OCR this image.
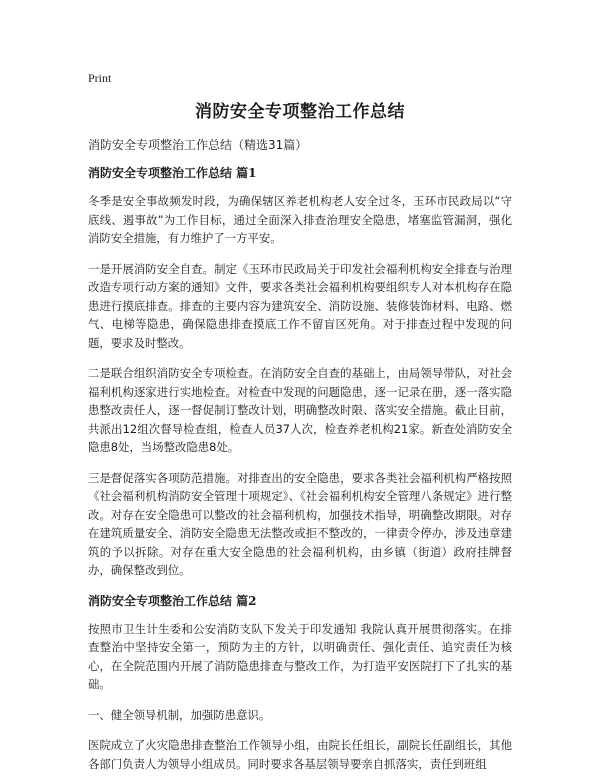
Print
消防安全专项整治工作总结
消防安全专项整治工作总结（精选31篇）
消防安全专项整治工作总结 篇1

冬季是安全事故频发时段，为确保辖区养老机构老人安全过冬，玉环市民政局以“守底线、遏事故”为工作目标，通过全面深入排查治理安全隐患，堵塞监管漏洞，强化消防安全措施，有力维护了一方平安。

一是开展消防安全自查。制定《玉环市民政局关于印发社会福利机构安全排查与治理改造专项行动方案的通知》文件，要求各类社会福利机构要组织专人对本机构存在隐患进行摸底排查。排查的主要内容为建筑安全、消防设施、装修装饰材料、电路、燃气、电梯等隐患，确保隐患排查摸底工作不留盲区死角。对于排查过程中发现的问题，要求及时整改。

二是联合组织消防安全专项检查。在消防安全自查的基础上，由局领导带队，对社会福利机构逐家进行实地检查。对检查中发现的问题隐患，逐一记录在册，逐一落实隐患整改责任人，逐一督促制订整改计划，明确整改时限、落实安全措施。截止目前，共派出12组次督导检查组，检查人员37人次，检查养老机构21家。新查处消防安全隐患8处，当场整改隐患8处。

三是督促落实各项防范措施。对排查出的安全隐患，要求各类社会福利机构严格按照《社会福利机构消防安全管理十项规定》、《社会福利机构安全管理八条规定》进行整改。对存在安全隐患可以整改的社会福利机构，加强技术指导，明确整改期限。对存在建筑质量安全、消防安全隐患无法整改或拒不整改的，一律责令停办，涉及违章建筑的予以拆除。对存在重大安全隐患的社会福利机构，由乡镇（街道）政府挂牌督办，确保整改到位。

消防安全专项整治工作总结 篇2

按照市卫生计生委和公安消防支队下发关于印发通知 我院认真开展贯彻落实。在排查整治中坚持安全第一，预防为主的方针，以明确责任、强化责任、追究责任为核心，在全院范围内开展了消防隐患排查与整改工作，为打造平安医院打下了扎实的基础。

一、健全领导机制，加强防患意识。

医院成立了火灾隐患排查整治工作领导小组，由院长任组长，副院长任副组长，其他各部门负责人为领导小组成员。同时要求各基层领导要亲自抓落实，责任到班组
